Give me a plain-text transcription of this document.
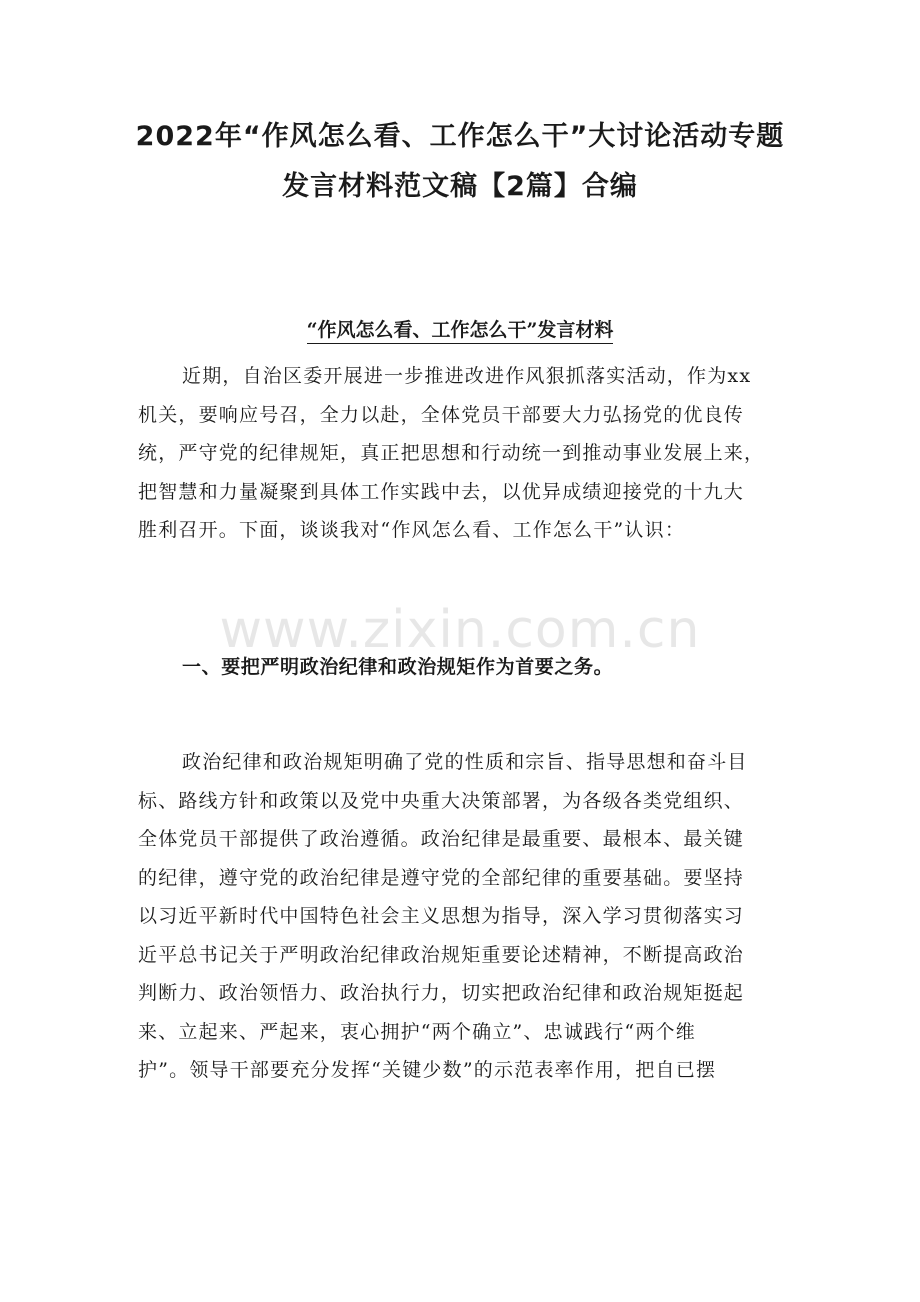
2022年“作风怎么看、工作怎么干”大讨论活动专题
发言材料范文稿【2篇】合编
“作风怎么看、工作怎么干”发言材料
近期，自治区委开展进一步推进改进作风狠抓落实活动，作为xx
机关，要响应号召，全力以赴，全体党员干部要大力弘扬党的优良传
统，严守党的纪律规矩，真正把思想和行动统一到推动事业发展上来，
把智慧和力量凝聚到具体工作实践中去，以优异成绩迎接党的十九大
胜利召开。下面，谈谈我对“作风怎么看、工作怎么干”认识：
www.zixin.com.cn
一、要把严明政治纪律和政治规矩作为首要之务。
政治纪律和政治规矩明确了党的性质和宗旨、指导思想和奋斗目
标、路线方针和政策以及党中央重大决策部署，为各级各类党组织、
全体党员干部提供了政治遵循。政治纪律是最重要、最根本、最关键
的纪律，遵守党的政治纪律是遵守党的全部纪律的重要基础。要坚持
以习近平新时代中国特色社会主义思想为指导，深入学习贯彻落实习
近平总书记关于严明政治纪律政治规矩重要论述精神，不断提高政治
判断力、政治领悟力、政治执行力，切实把政治纪律和政治规矩挺起
来、立起来、严起来，衷心拥护“两个确立”、忠诚践行“两个维
护”。领导干部要充分发挥“关键少数”的示范表率作用，把自已摆
